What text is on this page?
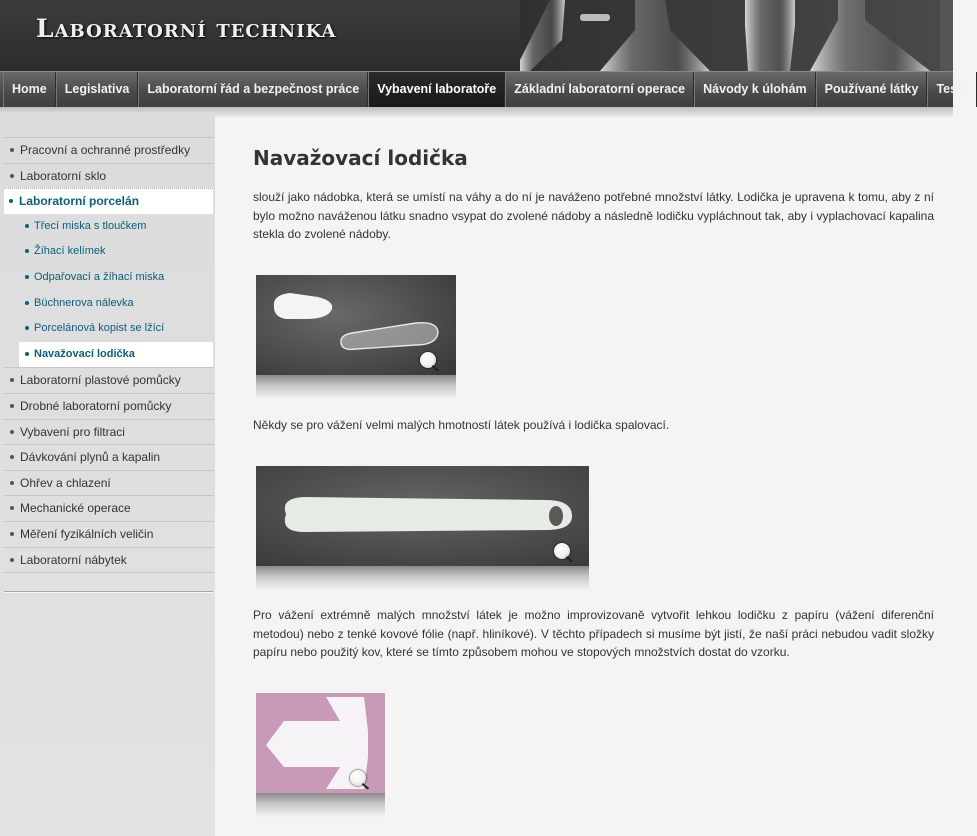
Laboratorní technika
Home	Legislativa	Laboratorní řád a bezpečnost práce	Vybavení laboratoře	Základní laboratorní operace	Návody k úlohám	Používané látky	Testy
Pracovní a ochranné prostředky
Laboratorní sklo
Laboratorní porcelán
Třecí miska s tloučkem
Žíhací kelímek
Odpařovací a žíhací miska
Büchnerova nálevka
Porcelánová kopist se lžící
Navažovací lodička
Laboratorní plastové pomůcky
Drobné laboratorní pomůcky
Vybavení pro filtraci
Dávkování plynů a kapalin
Ohřev a chlazení
Mechanické operace
Měření fyzikálních veličin
Laboratorní nábytek
Navažovací lodička

slouží jako nádobka, která se umístí na váhy a do ní je naváženo potřebné množství látky. Lodička je upravena k tomu, aby z ní bylo možno naváženou látku snadno vsypat do zvolené nádoby a následně lodičku vypláchnout tak, aby i vyplachovací kapalina stekla do zvolené nádoby.

Někdy se pro vážení velmi malých hmotností látek používá i lodička spalovací.

Pro vážení extrémně malých množství látek je možno improvizovaně vytvořit lehkou lodičku z papíru (vážení diferenční metodou) nebo z tenké kovové fólie (např. hliníkové). V těchto případech si musíme být jistí, že naší práci nebudou vadit složky papíru nebo použitý kov, které se tímto způsobem mohou ve stopových množstvích dostat do vzorku.
